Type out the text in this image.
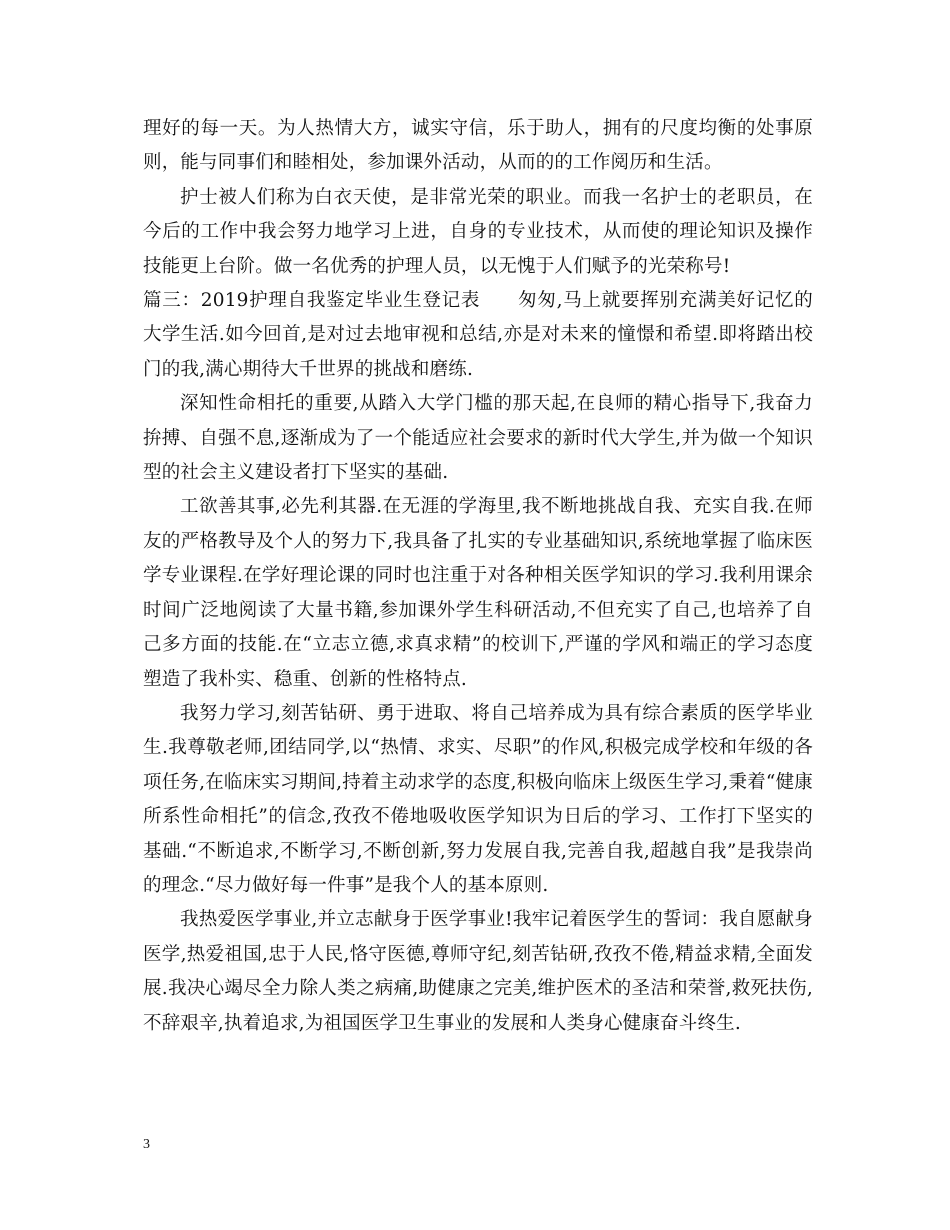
理好的每一天。为人热情大方，诚实守信，乐于助人，拥有的尺度均衡的处事原则，能与同事们和睦相处，参加课外活动，从而的的工作阅历和生活。

护士被人们称为白衣天使，是非常光荣的职业。而我一名护士的老职员，在今后的工作中我会努力地学习上进，自身的专业技术，从而使的理论知识及操作技能更上台阶。做一名优秀的护理人员，以无愧于人们赋予的光荣称号!

篇三：2019护理自我鉴定毕业生登记表   匆匆,马上就要挥别充满美好记忆的大学生活.如今回首,是对过去地审视和总结,亦是对未来的憧憬和希望.即将踏出校门的我,满心期待大千世界的挑战和磨练.

深知性命相托的重要,从踏入大学门槛的那天起,在良师的精心指导下,我奋力拚搏、自强不息,逐渐成为了一个能适应社会要求的新时代大学生,并为做一个知识型的社会主义建设者打下坚实的基础.

工欲善其事,必先利其器.在无涯的学海里,我不断地挑战自我、充实自我.在师友的严格教导及个人的努力下,我具备了扎实的专业基础知识,系统地掌握了临床医学专业课程.在学好理论课的同时也注重于对各种相关医学知识的学习.我利用课余时间广泛地阅读了大量书籍,参加课外学生科研活动,不但充实了自己,也培养了自己多方面的技能.在“立志立德,求真求精”的校训下,严谨的学风和端正的学习态度塑造了我朴实、稳重、创新的性格特点.

我努力学习,刻苦钻研、勇于进取、将自己培养成为具有综合素质的医学毕业生.我尊敬老师,团结同学,以“热情、求实、尽职”的作风,积极完成学校和年级的各项任务,在临床实习期间,持着主动求学的态度,积极向临床上级医生学习,秉着“健康所系性命相托”的信念,孜孜不倦地吸收医学知识为日后的学习、工作打下坚实的基础.“不断追求,不断学习,不断创新,努力发展自我,完善自我,超越自我”是我崇尚的理念.“尽力做好每一件事”是我个人的基本原则.

我热爱医学事业,并立志献身于医学事业!我牢记着医学生的誓词：我自愿献身医学,热爱祖国,忠于人民,恪守医德,尊师守纪,刻苦钻研,孜孜不倦,精益求精,全面发展.我决心竭尽全力除人类之病痛,助健康之完美,维护医术的圣洁和荣誉,救死扶伤,不辞艰辛,执着追求,为祖国医学卫生事业的发展和人类身心健康奋斗终生.

3
